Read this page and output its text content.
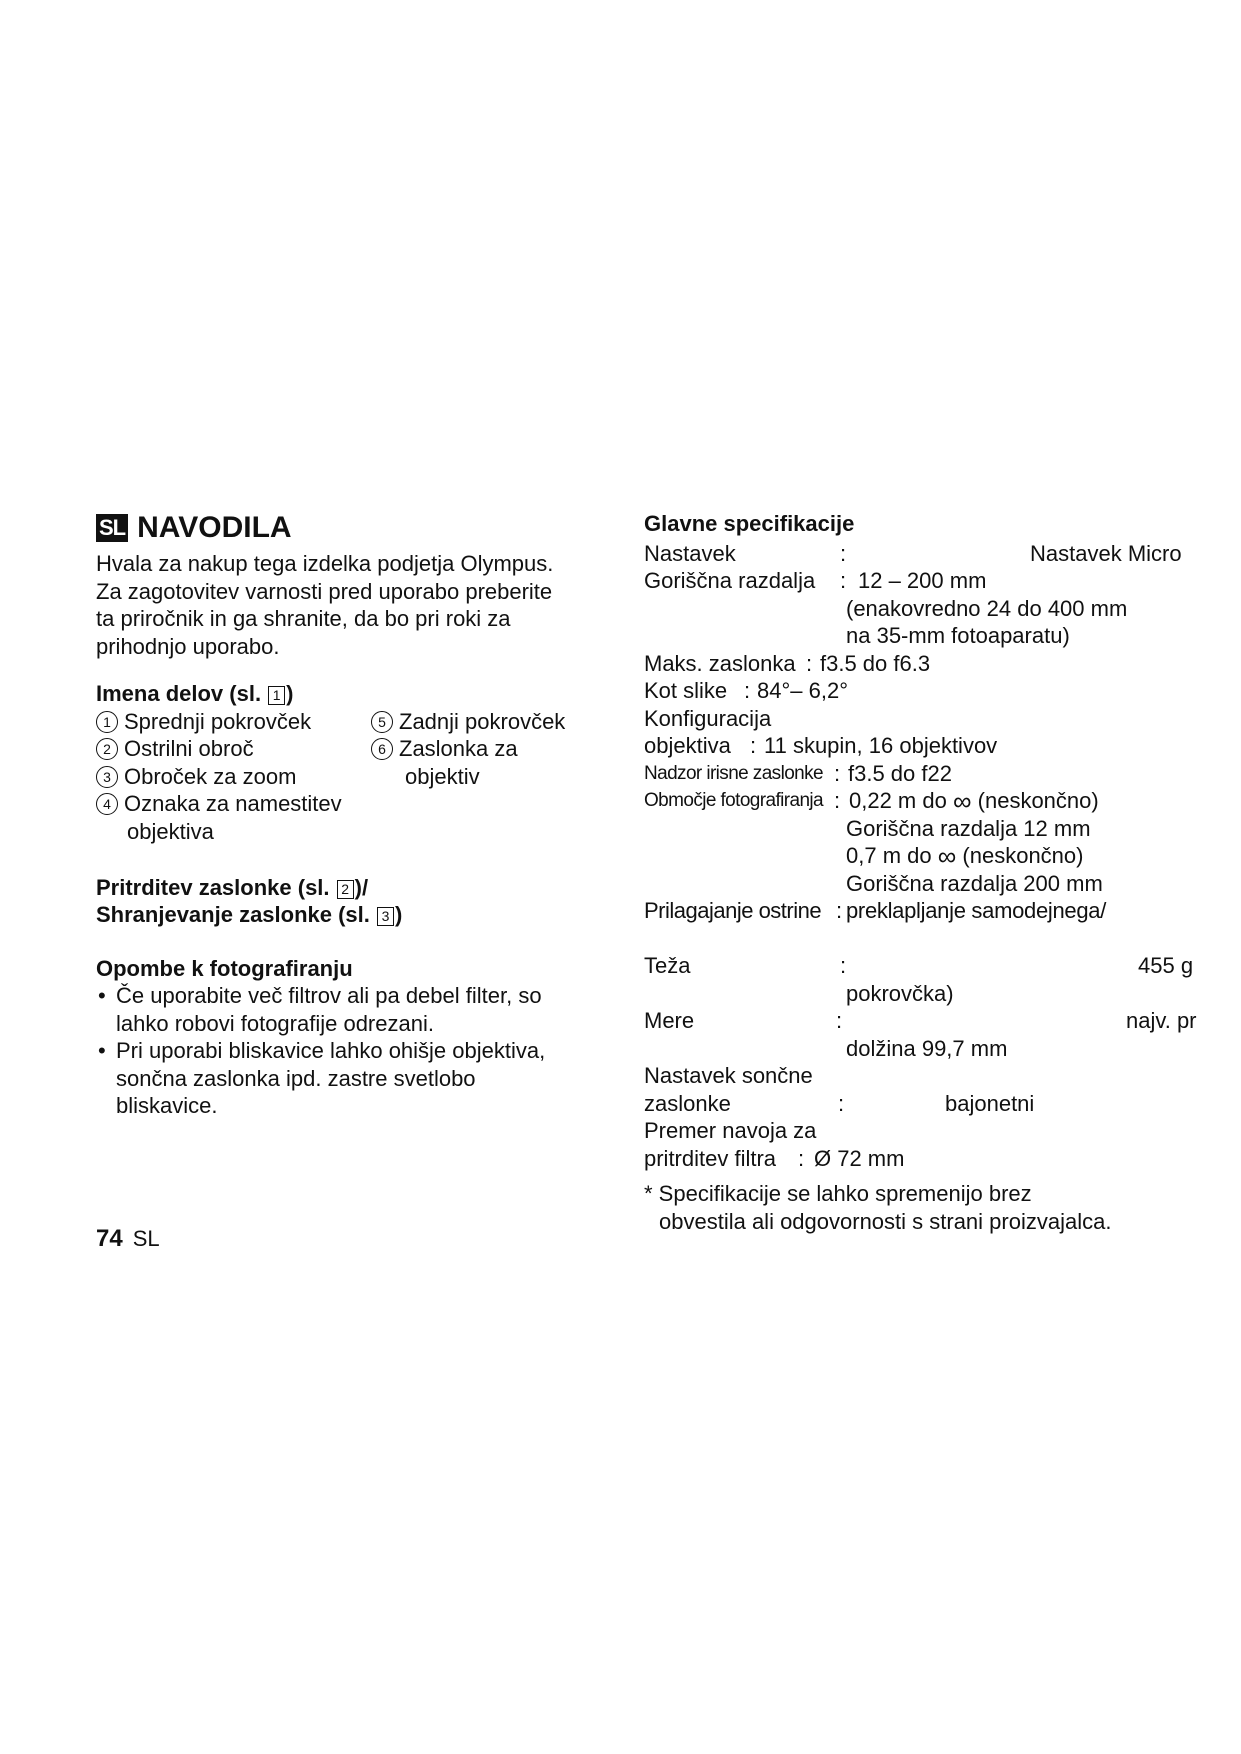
SL NAVODILA

Hvala za nakup tega izdelka podjetja Olympus.

Za zagotovitev varnosti pred uporabo preberite

ta priročnik in ga shranite, da bo pri roki za

prihodnjo uporabo.

Imena delov (sl. 1 )
1 Sprednji pokrovček
2 Ostrilni obroč
3 Obroček za zoom
4 Oznaka za namestitev
objektiva
5 Zadnji pokrovček
6 Zaslonka za
objektiv
Pritrditev zaslonke (sl. 2 )/
Shranjevanje zaslonke (sl. 3 )
Opombe k fotografiranju
• Če uporabite več filtrov ali pa debel filter, so
lahko robovi fotografije odrezani.
• Pri uporabi bliskavice lahko ohišje objektiva,
sončna zaslonka ipd. zastre svetlobo
bliskavice.
74 SL
Glavne specifikacije
Nastavek	:	Nastavek Micro
Goriščna razdalja : 12 – 200 mm
(enakovredno 24 do 400 mm
na 35-mm fotoaparatu)
Maks. zaslonka : f3.5 do f6.3
Kot slike : 84°– 6,2°
Konfiguracija
objektiva : 11 skupin, 16 objektivov
Nadzor irisne zaslonke : f3.5 do f22
Območje fotografiranja : 0,22 m do ∞ (neskončno)
Goriščna razdalja 12 mm
0,7 m do ∞ (neskončno)
Goriščna razdalja 200 mm
Prilagajanje ostrine : preklapljanje samodejnega/
Teža	:	455 g
pokrovčka)
Mere	:	najv. pr
dolžina 99,7 mm
Nastavek sončne
zaslonke	:	bajonetni
Premer navoja za
pritrditev filtra : Ø 72 mm
* Specifikacije se lahko spremenijo brez
obvestila ali odgovornosti s strani proizvajalca.
